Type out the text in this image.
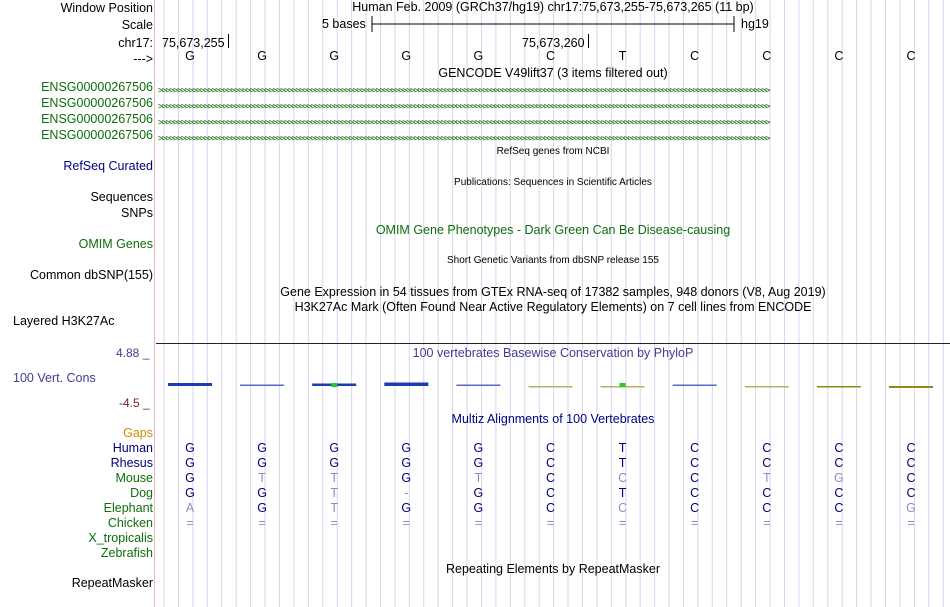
Window Position
Scale
chr17:
--->
Human Feb. 2009 (GRCh37/hg19) chr17:75,673,255-75,673,265 (11 bp)
5 bases	hg19
75,673,255	75,673,260
G	G	G	G	G	C	T	C	C	C	C
GENCODE V49lift37 (3 items filtered out)
ENSG00000267506 >>>>>>>>>>>>>>>>>>>>>>>>>>>>>>>>>>>>>>>>>>>>>>>>>>>>>>>>>>>>>>>>>>>>>>>>>>>>>>>>>>>>>>>>>>>>>>>>>>>>>>>>>>>>>>>>>>>>>>>>>>>>>>>>>>>>>>>>>>>>>>>>>>>>>>>>>>>>>>>>
ENSG00000267506 >>>>>>>>>>>>>>>>>>>>>>>>>>>>>>>>>>>>>>>>>>>>>>>>>>>>>>>>>>>>>>>>>>>>>>>>>>>>>>>>>>>>>>>>>>>>>>>>>>>>>>>>>>>>>>>>>>>>>>>>>>>>>>>>>>>>>>>>>>>>>>>>>>>>>>>>>>>>>>>>
ENSG00000267506 >>>>>>>>>>>>>>>>>>>>>>>>>>>>>>>>>>>>>>>>>>>>>>>>>>>>>>>>>>>>>>>>>>>>>>>>>>>>>>>>>>>>>>>>>>>>>>>>>>>>>>>>>>>>>>>>>>>>>>>>>>>>>>>>>>>>>>>>>>>>>>>>>>>>>>>>>>>>>>>>
ENSG00000267506 >>>>>>>>>>>>>>>>>>>>>>>>>>>>>>>>>>>>>>>>>>>>>>>>>>>>>>>>>>>>>>>>>>>>>>>>>>>>>>>>>>>>>>>>>>>>>>>>>>>>>>>>>>>>>>>>>>>>>>>>>>>>>>>>>>>>>>>>>>>>>>>>>>>>>>>>>>>>>>>>
RefSeq genes from NCBI
RefSeq Curated
Publications: Sequences in Scientific Articles
Sequences
SNPs
OMIM Gene Phenotypes - Dark Green Can Be Disease-causing
OMIM Genes
Short Genetic Variants from dbSNP release 155
Common dbSNP(155)
Gene Expression in 54 tissues from GTEx RNA-seq of 17382 samples, 948 donors (V8, Aug 2019)
H3K27Ac Mark (Often Found Near Active Regulatory Elements) on 7 cell lines from ENCODE
Layered H3K27Ac
4.88 _	100 vertebrates Basewise Conservation by PhyloP
100 Vert. Cons
-4.5 _
Multiz Alignments of 100 Vertebrates
Gaps
Human	G	G	G	G	G	C	T	C	C	C	C
Rhesus	G	G	G	G	G	C	T	C	C	C	C
Mouse	G	T	T	G	T	C	C	C	T	G	C
Dog	G	G	T	-	G	C	T	C	C	C	C
Elephant	A	G	T	G	G	C	C	C	C	C	G
Chicken	=	=	=	=	=	=	=	=	=	=	=
X_tropicalis
Zebrafish
Repeating Elements by RepeatMasker
RepeatMasker
